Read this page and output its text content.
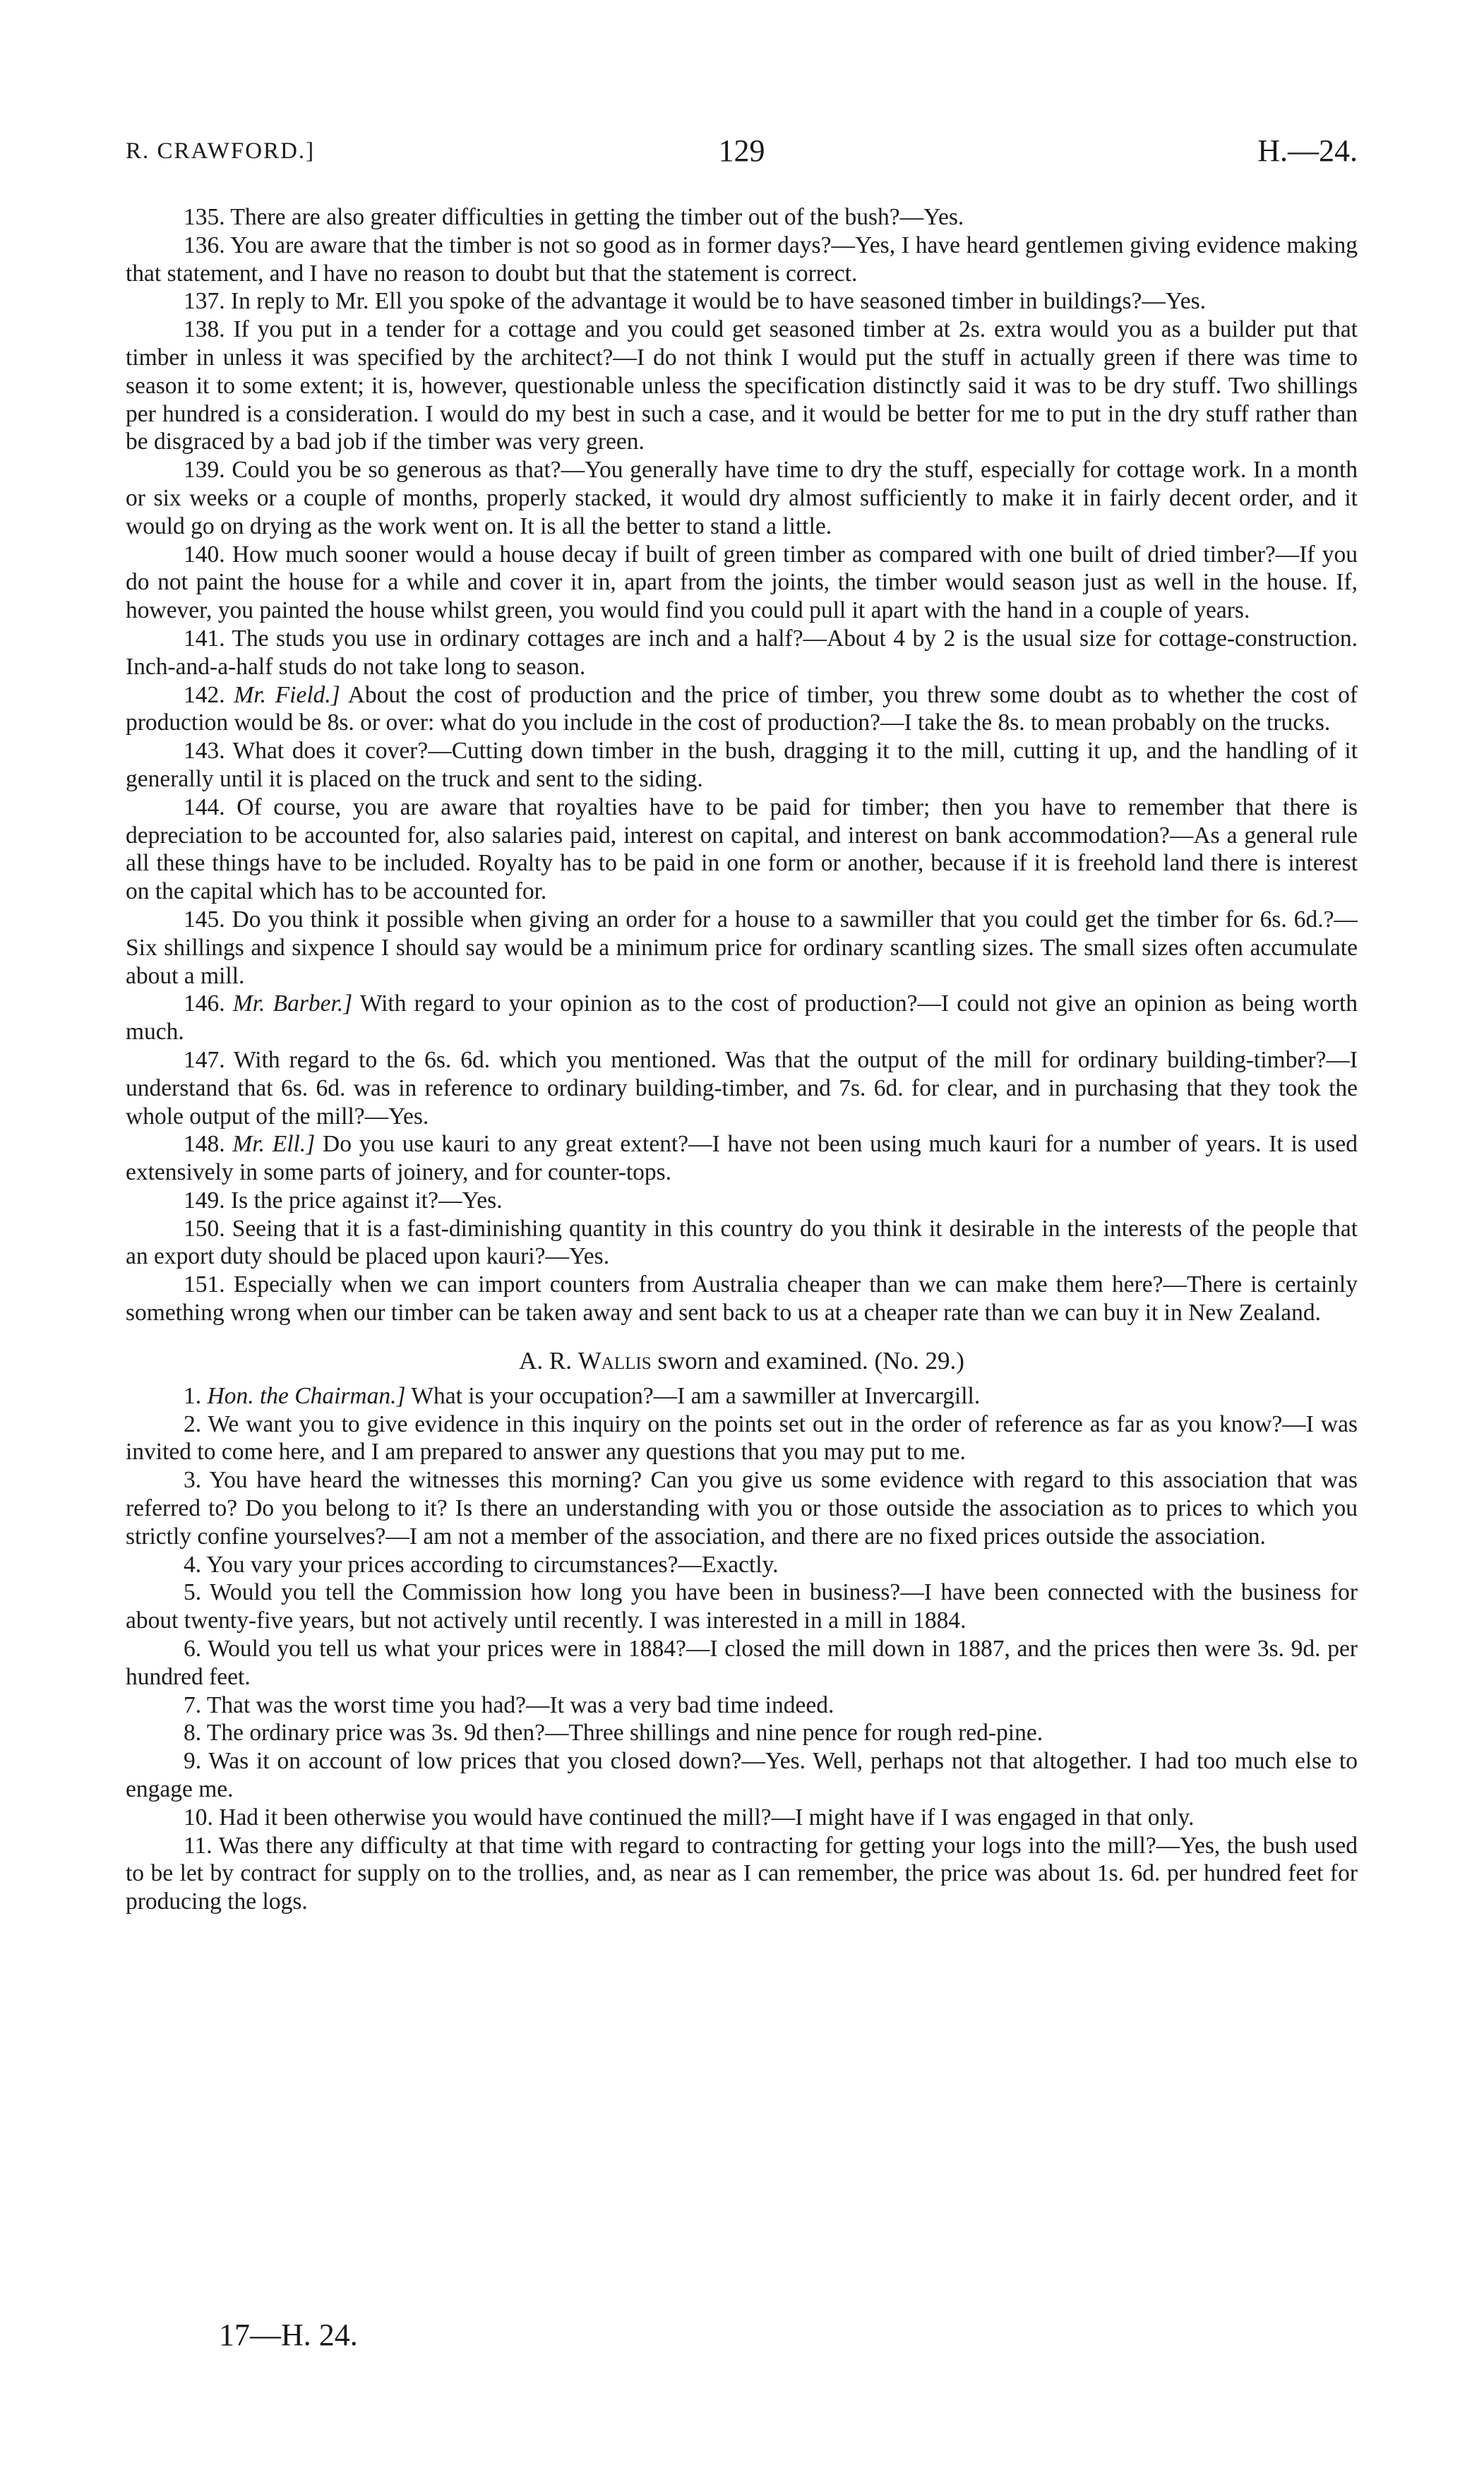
R. CRAWFORD.]	129	H.—24.

135. There are also greater difficulties in getting the timber out of the bush?—Yes.

136. You are aware that the timber is not so good as in former days?—Yes, I have heard gentlemen giving evidence making that statement, and I have no reason to doubt but that the statement is correct.

137. In reply to Mr. Ell you spoke of the advantage it would be to have seasoned timber in buildings?—Yes.

138. If you put in a tender for a cottage and you could get seasoned timber at 2s. extra would you as a builder put that timber in unless it was specified by the architect?—I do not think I would put the stuff in actually green if there was time to season it to some extent; it is, however, questionable unless the specification distinctly said it was to be dry stuff. Two shillings per hundred is a consideration. I would do my best in such a case, and it would be better for me to put in the dry stuff rather than be disgraced by a bad job if the timber was very green.

139. Could you be so generous as that?—You generally have time to dry the stuff, especially for cottage work. In a month or six weeks or a couple of months, properly stacked, it would dry almost sufficiently to make it in fairly decent order, and it would go on drying as the work went on. It is all the better to stand a little.

140. How much sooner would a house decay if built of green timber as compared with one built of dried timber?—If you do not paint the house for a while and cover it in, apart from the joints, the timber would season just as well in the house. If, however, you painted the house whilst green, you would find you could pull it apart with the hand in a couple of years.

141. The studs you use in ordinary cottages are inch and a half?—About 4 by 2 is the usual size for cottage-construction. Inch-and-a-half studs do not take long to season.

142. Mr. Field.] About the cost of production and the price of timber, you threw some doubt as to whether the cost of production would be 8s. or over: what do you include in the cost of production?—I take the 8s. to mean probably on the trucks.

143. What does it cover?—Cutting down timber in the bush, dragging it to the mill, cutting it up, and the handling of it generally until it is placed on the truck and sent to the siding.

144. Of course, you are aware that royalties have to be paid for timber; then you have to remember that there is depreciation to be accounted for, also salaries paid, interest on capital, and interest on bank accommodation?—As a general rule all these things have to be included. Royalty has to be paid in one form or another, because if it is freehold land there is interest on the capital which has to be accounted for.

145. Do you think it possible when giving an order for a house to a sawmiller that you could get the timber for 6s. 6d.?—Six shillings and sixpence I should say would be a minimum price for ordinary scantling sizes. The small sizes often accumulate about a mill.

146. Mr. Barber.] With regard to your opinion as to the cost of production?—I could not give an opinion as being worth much.

147. With regard to the 6s. 6d. which you mentioned. Was that the output of the mill for ordinary building-timber?—I understand that 6s. 6d. was in reference to ordinary building-timber, and 7s. 6d. for clear, and in purchasing that they took the whole output of the mill?—Yes.

148. Mr. Ell.] Do you use kauri to any great extent?—I have not been using much kauri for a number of years. It is used extensively in some parts of joinery, and for counter-tops.

149. Is the price against it?—Yes.

150. Seeing that it is a fast-diminishing quantity in this country do you think it desirable in the interests of the people that an export duty should be placed upon kauri?—Yes.

151. Especially when we can import counters from Australia cheaper than we can make them here?—There is certainly something wrong when our timber can be taken away and sent back to us at a cheaper rate than we can buy it in New Zealand.

A. R. Wallis sworn and examined. (No. 29.)

1. Hon. the Chairman.] What is your occupation?—I am a sawmiller at Invercargill.

2. We want you to give evidence in this inquiry on the points set out in the order of reference as far as you know?—I was invited to come here, and I am prepared to answer any questions that you may put to me.

3. You have heard the witnesses this morning? Can you give us some evidence with regard to this association that was referred to? Do you belong to it? Is there an understanding with you or those outside the association as to prices to which you strictly confine yourselves?—I am not a member of the association, and there are no fixed prices outside the association.

4. You vary your prices according to circumstances?—Exactly.

5. Would you tell the Commission how long you have been in business?—I have been connected with the business for about twenty-five years, but not actively until recently. I was interested in a mill in 1884.

6. Would you tell us what your prices were in 1884?—I closed the mill down in 1887, and the prices then were 3s. 9d. per hundred feet.

7. That was the worst time you had?—It was a very bad time indeed.

8. The ordinary price was 3s. 9d then?—Three shillings and nine pence for rough red-pine.

9. Was it on account of low prices that you closed down?—Yes. Well, perhaps not that altogether. I had too much else to engage me.

10. Had it been otherwise you would have continued the mill?—I might have if I was engaged in that only.

11. Was there any difficulty at that time with regard to contracting for getting your logs into the mill?—Yes, the bush used to be let by contract for supply on to the trollies, and, as near as I can remember, the price was about 1s. 6d. per hundred feet for producing the logs.

17—H. 24.
